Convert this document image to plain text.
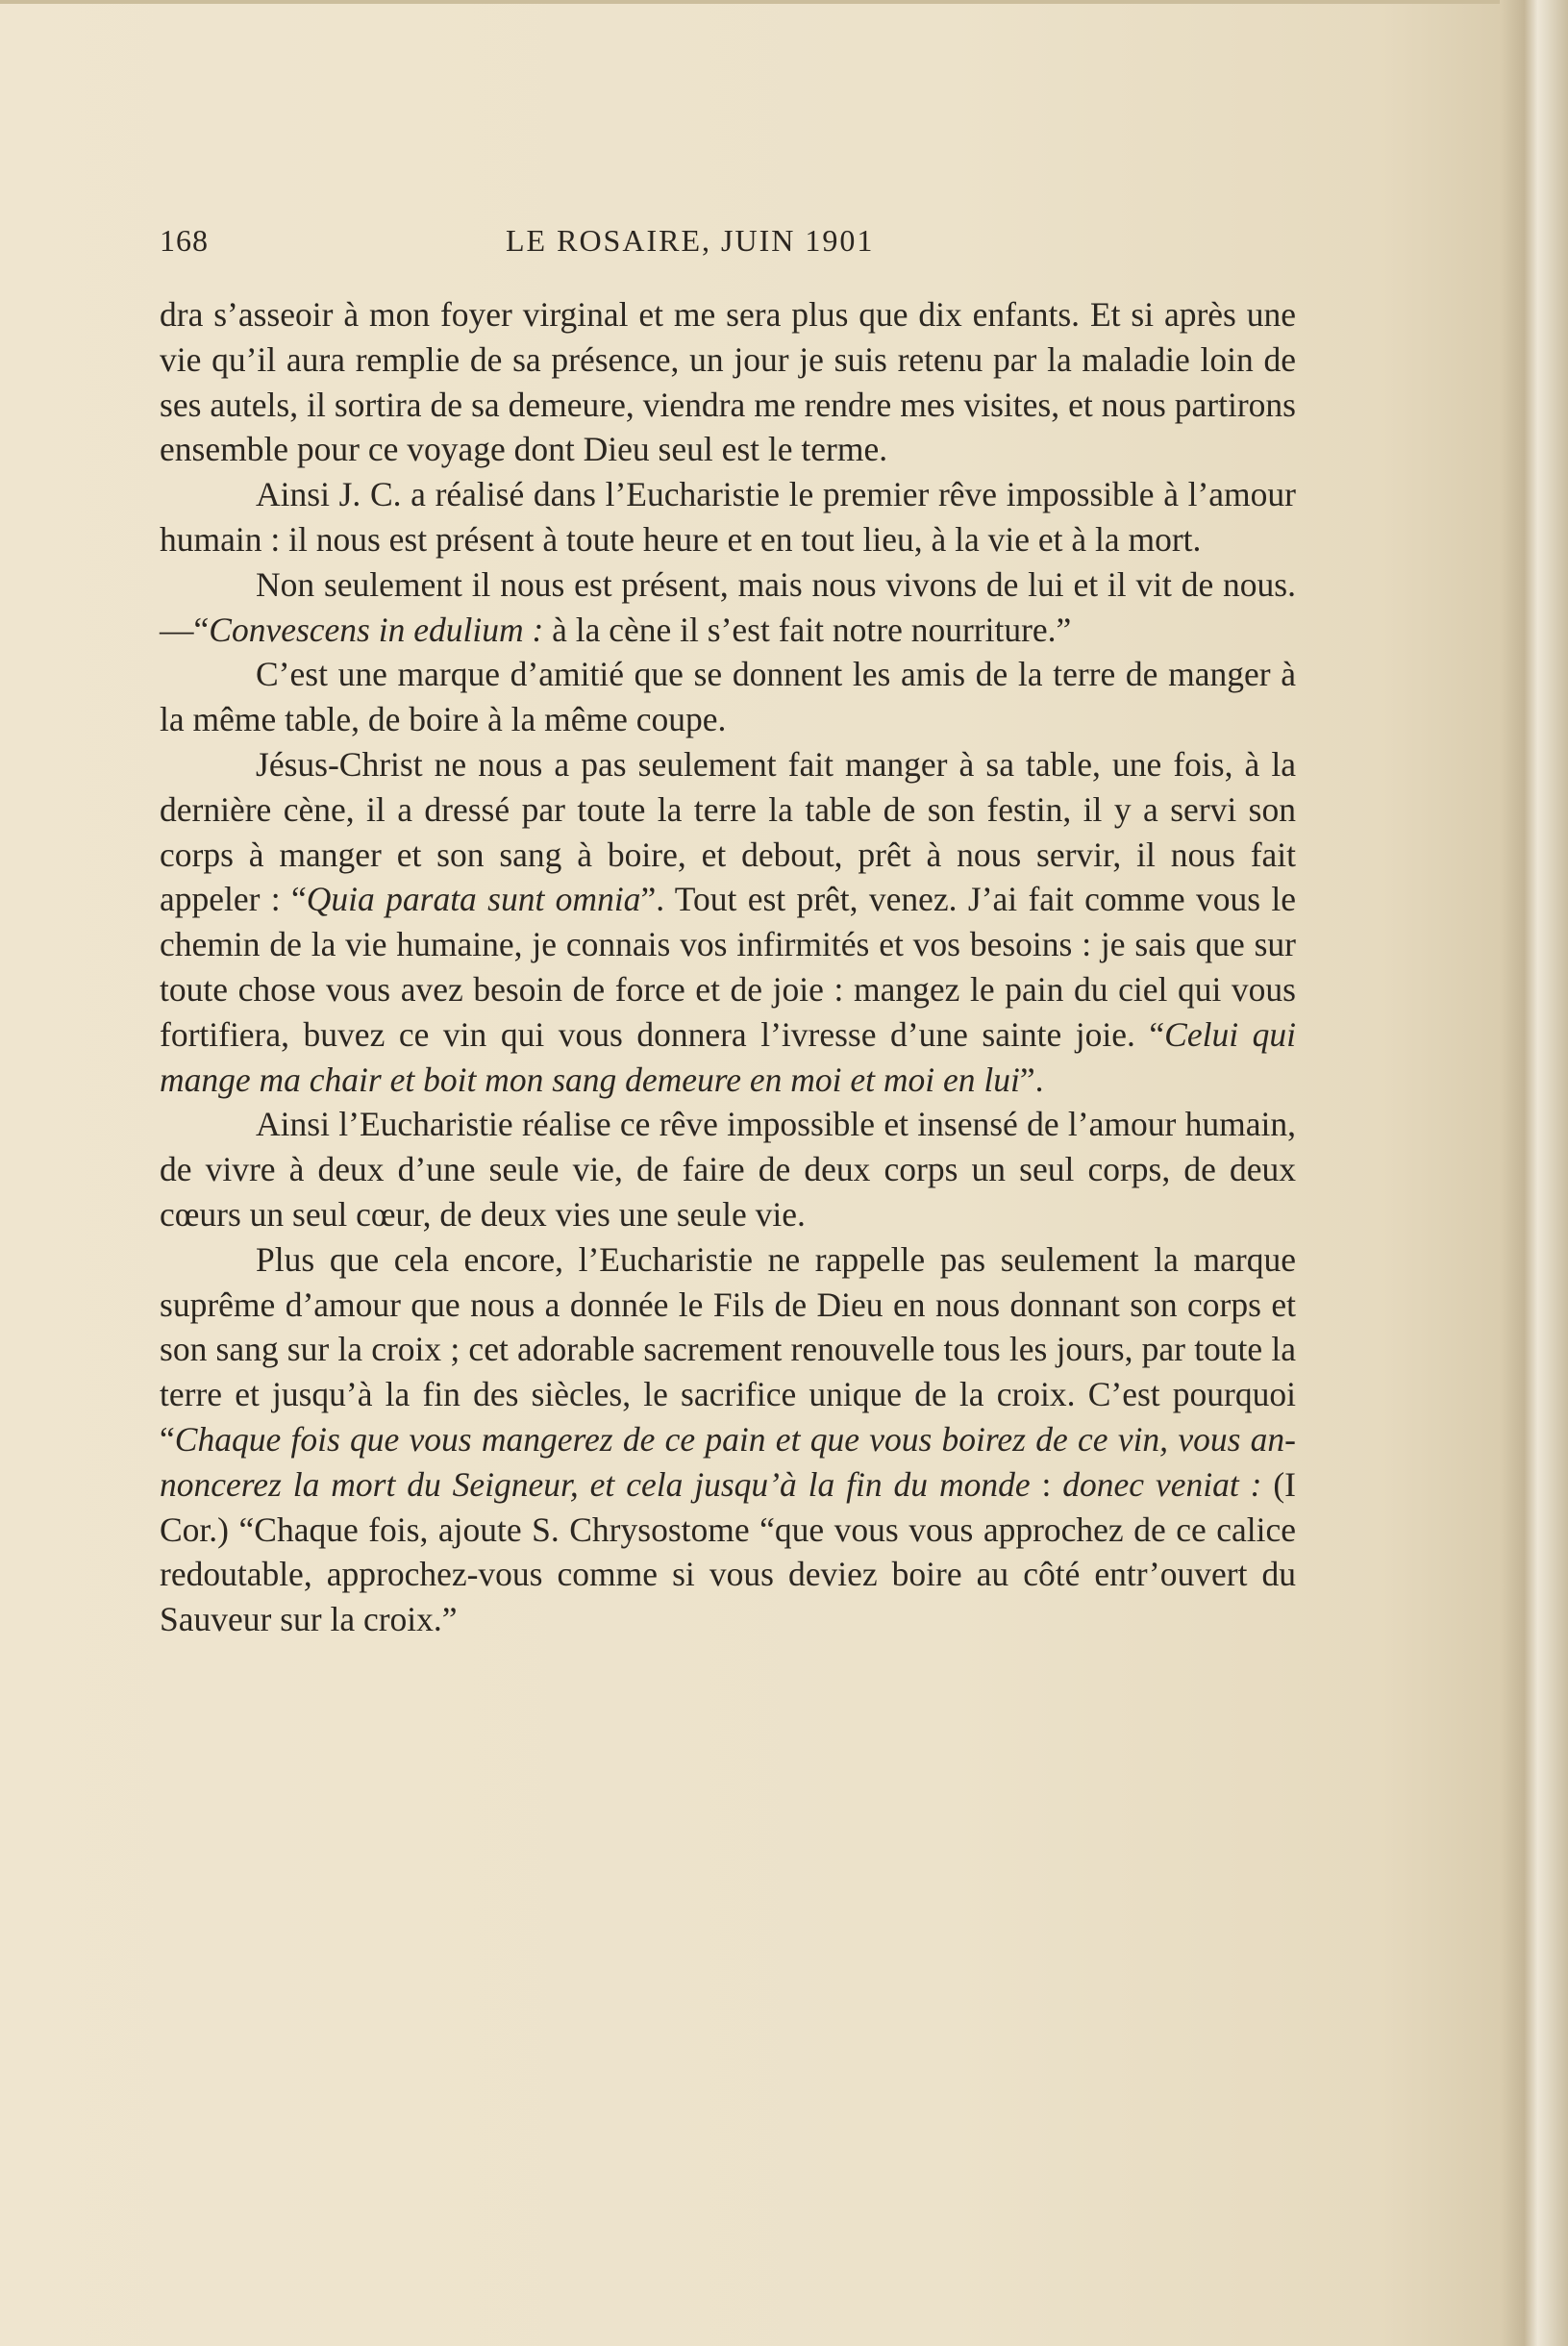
168	LE ROSAIRE, JUIN 1901

dra s’asseoir à mon foyer virginal et me sera plus que dix enfants. Et si après une vie qu’il aura remplie de sa présence, un jour je suis retenu par la maladie loin de ses autels, il sortira de sa demeure, viendra me rendre mes visites, et nous partirons ensemble pour ce voyage dont Dieu seul est le terme.

Ainsi J. C. a réalisé dans l’Eucharistie le premier rêve impossible à l’amour humain : il nous est présent à toute heure et en tout lieu, à la vie et à la mort.

Non seulement il nous est présent, mais nous vivons de lui et il vit de nous.—“Convescens in edulium : à la cène il s’est fait notre nourriture.”

C’est une marque d’amitié que se donnent les amis de la terre de manger à la même table, de boire à la même coupe.

Jésus-Christ ne nous a pas seulement fait manger à sa table, une fois, à la dernière cène, il a dressé par toute la terre la table de son festin, il y a servi son corps à manger et son sang à boire, et debout, prêt à nous servir, il nous fait appeler : “Quia parata sunt omnia”. Tout est prêt, venez. J’ai fait comme vous le chemin de la vie humaine, je connais vos infirmités et vos besoins : je sais que sur toute chose vous avez besoin de force et de joie : mangez le pain du ciel qui vous fortifiera, buvez ce vin qui vous donnera l’ivresse d’une sainte joie. “Celui qui mange ma chair et boit mon sang demeure en moi et moi en lui”.

Ainsi l’Eucharistie réalise ce rêve impossible et insensé de l’amour humain, de vivre à deux d’une seule vie, de faire de deux corps un seul corps, de deux cœurs un seul cœur, de deux vies une seule vie.

Plus que cela encore, l’Eucharistie ne rappelle pas seulement la marque suprême d’amour que nous a donnée le Fils de Dieu en nous donnant son corps et son sang sur la croix ; cet adorable sacrement renouvelle tous les jours, par toute la terre et jusqu’à la fin des siècles, le sacrifice unique de la croix. C’est pourquoi “Chaque fois que vous mangerez de ce pain et que vous boirez de ce vin, vous annoncerez la mort du Seigneur, et cela jusqu’à la fin du monde : donec veniat : (I Cor.) “Chaque fois, ajoute S. Chrysostome “que vous vous approchez de ce calice redoutable, approchez-vous comme si vous deviez boire au côté entr’ouvert du Sauveur sur la croix.”
